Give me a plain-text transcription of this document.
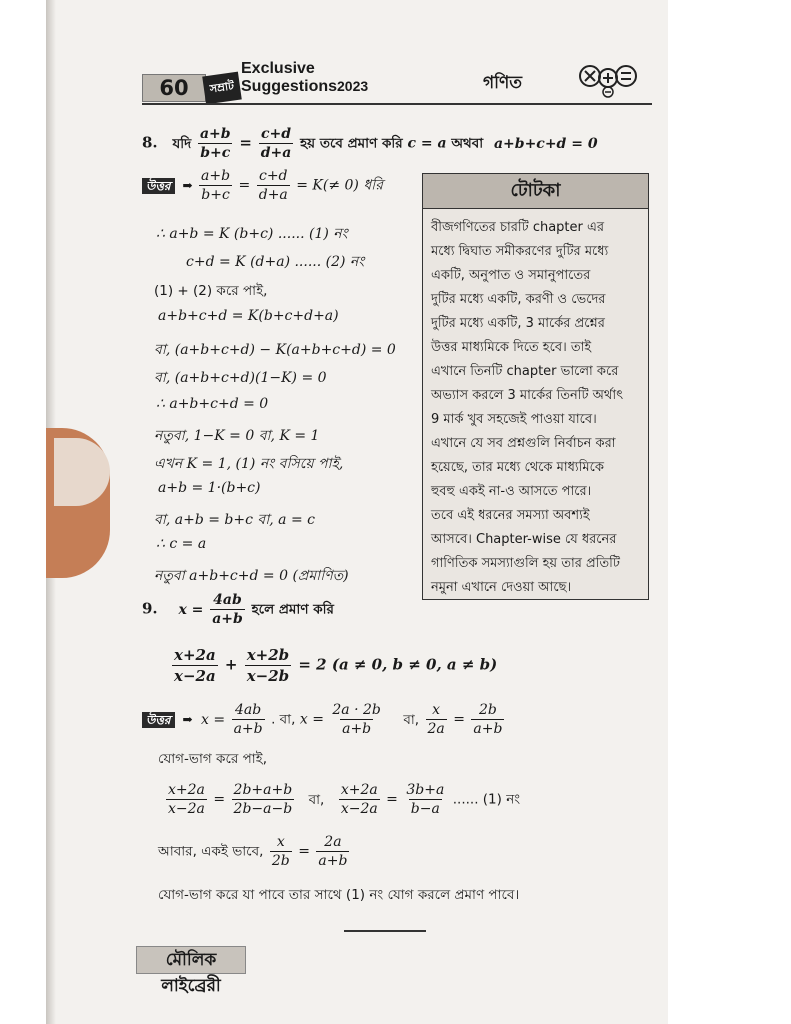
60	সম্রাট
Exclusive
Suggestions2023	গণিত
8. যদি $\frac{a+b}{b+c} = \frac{c+d}{d+a}$ হয় তবে প্রমাণ করি c = a অথবা a+b+c+d = 0
উত্তর ➡ $\frac{a+b}{b+c} = \frac{c+d}{d+a} = K(\ne 0)$ ধরি
∴ a+b = K (b+c) ...... (1) নং
c+d = K (d+a) ...... (2) নং
(1) + (2) করে পাই,
a+b+c+d = K(b+c+d+a)
বা, (a+b+c+d) − K(a+b+c+d) = 0
বা, (a+b+c+d)(1−K) = 0
∴ a+b+c+d = 0
নতুবা, 1−K = 0 বা, K = 1
এখন K = 1, (1) নং বসিয়ে পাই,
a+b = 1·(b+c)
বা, a+b = b+c বা, a = c
∴ c = a
নতুবা a+b+c+d = 0 (প্রমাণিত)
টোটকা
বীজগণিতের চারটি chapter এর
মধ্যে দ্বিঘাত সমীকরণের দুটির মধ্যে
একটি, অনুপাত ও সমানুপাতের
দুটির মধ্যে একটি, করণী ও ভেদের
দুটির মধ্যে একটি, 3 মার্কের প্রশ্নের
উত্তর মাধ্যমিকে দিতে হবে। তাই
এখানে তিনটি chapter ভালো করে
অভ্যাস করলে 3 মার্কের তিনটি অর্থাৎ
9 মার্ক খুব সহজেই পাওয়া যাবে।
এখানে যে সব প্রশ্নগুলি নির্বাচন করা
হয়েছে, তার মধ্যে থেকে মাধ্যমিকে
হুবহু একই না-ও আসতে পারে।
তবে এই ধরনের সমস্যা অবশ্যই
আসবে। Chapter-wise যে ধরনের
গাণিতিক সমস্যাগুলি হয় তার প্রতিটি
নমুনা এখানে দেওয়া আছে।
9. $x = \frac{4ab}{a+b}$ হলে প্রমাণ করি
$\frac{x+2a}{x-2a} + \frac{x+2b}{x-2b} = 2$ (a ≠ 0, b ≠ 0, a ≠ b)
উত্তর ➡ $x = \frac{4ab}{a+b}$ . বা, $x = \frac{2a \cdot 2b}{a+b}$ বা, $\frac{x}{2a} = \frac{2b}{a+b}$
যোগ-ভাগ করে পাই,
$\frac{x+2a}{x-2a} = \frac{2b+a+b}{2b-a-b}$ বা, $\frac{x+2a}{x-2a} = \frac{3b+a}{b-a}$ ...... (1) নং
আবার, একই ভাবে, $\frac{x}{2b} = \frac{2a}{a+b}$
যোগ-ভাগ করে যা পাবে তার সাথে (1) নং যোগ করলে প্রমাণ পাবে।
মৌলিক লাইব্রেরী
